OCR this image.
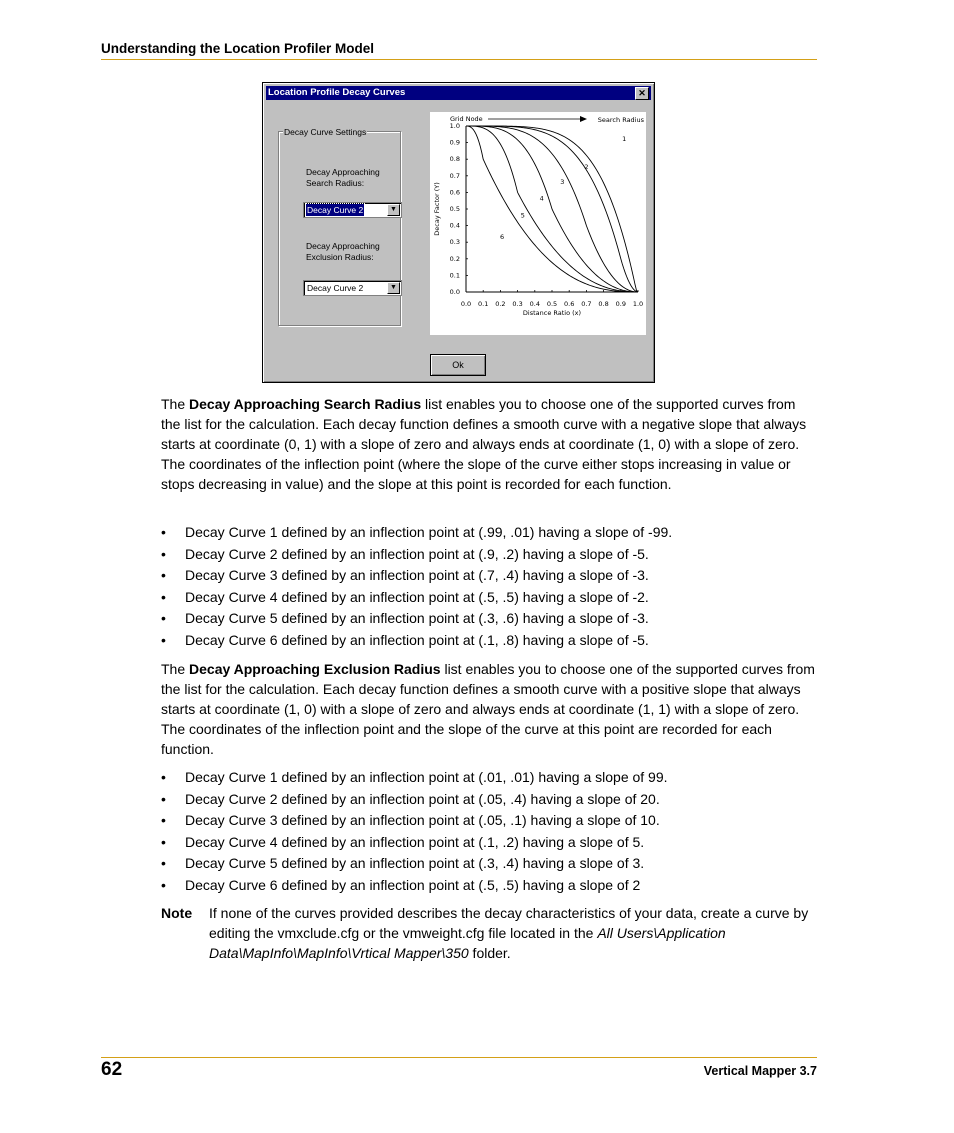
Understanding the Location Profiler Model
Location Profile Decay Curves	✕
Decay Curve Settings
Decay Approaching
Search Radius:
Decay Curve 2	▼
Decay Approaching
Exclusion Radius:
Decay Curve 2	▼
0.0
0.1
0.2
0.3
0.4
0.5
0.6
0.7
0.8
0.9
1.0
0.0 0.1 0.2 0.3 0.4 0.5 0.6 0.7 0.8 0.9 1.0
Distance Ratio (x)
Decay Factor (Y)
Grid Node	Search Radius
1
2
3
4
5
6
Ok

The Decay Approaching Search Radius list enables you to choose one of the supported curves from the list for the calculation. Each decay function defines a smooth curve with a negative slope that always starts at coordinate (0, 1) with a slope of zero and always ends at coordinate (1, 0) with a slope of zero. The coordinates of the inflection point (where the slope of the curve either stops increasing in value or stops decreasing in value) and the slope at this point is recorded for each function.

• Decay Curve 1 defined by an inflection point at (.99, .01) having a slope of -99.
• Decay Curve 2 defined by an inflection point at (.9, .2) having a slope of -5.
• Decay Curve 3 defined by an inflection point at (.7, .4) having a slope of -3.
• Decay Curve 4 defined by an inflection point at (.5, .5) having a slope of -2.
• Decay Curve 5 defined by an inflection point at (.3, .6) having a slope of -3.
• Decay Curve 6 defined by an inflection point at (.1, .8) having a slope of -5.

The Decay Approaching Exclusion Radius list enables you to choose one of the supported curves from the list for the calculation. Each decay function defines a smooth curve with a positive slope that always starts at coordinate (1, 0) with a slope of zero and always ends at coordinate (1, 1) with a slope of zero. The coordinates of the inflection point and the slope of the curve at this point are recorded for each function.

• Decay Curve 1 defined by an inflection point at (.01, .01) having a slope of 99.
• Decay Curve 2 defined by an inflection point at (.05, .4) having a slope of 20.
• Decay Curve 3 defined by an inflection point at (.05, .1) having a slope of 10.
• Decay Curve 4 defined by an inflection point at (.1, .2) having a slope of 5.
• Decay Curve 5 defined by an inflection point at (.3, .4) having a slope of 3.
• Decay Curve 6 defined by an inflection point at (.5, .5) having a slope of 2
Note If none of the curves provided describes the decay characteristics of your data, create a curve by editing the vmxclude.cfg or the vmweight.cfg file located in the All Users\Application Data\MapInfo\MapInfo\Vrtical Mapper\350 folder.

62	Vertical Mapper 3.7
